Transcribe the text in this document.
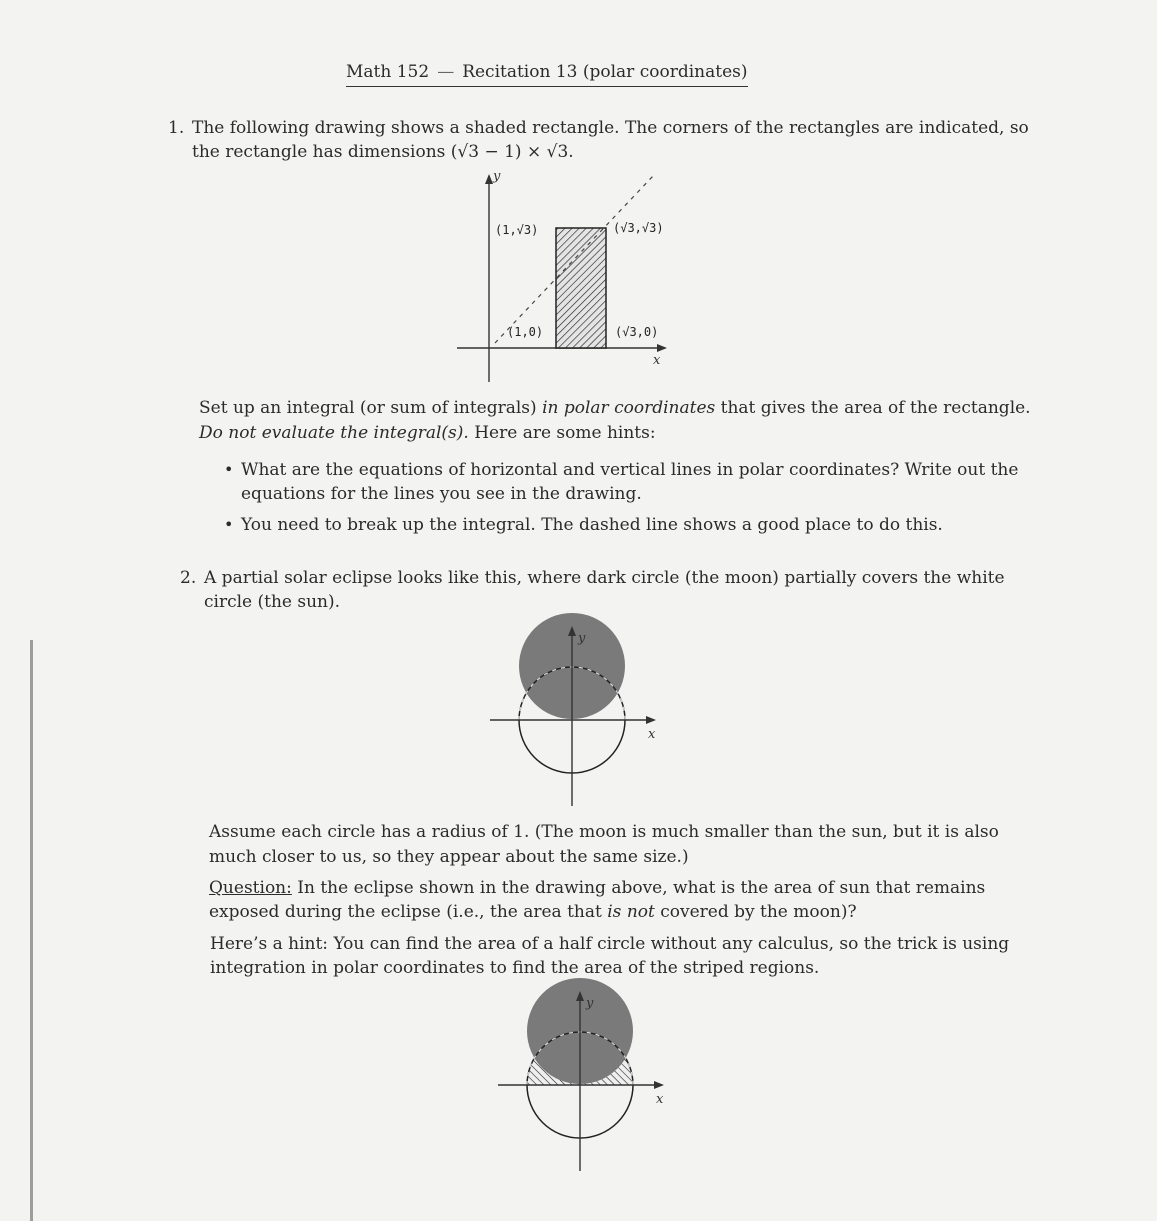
Math 152 — Recitation 13 (polar coordinates)
1. The following drawing shows a shaded rectangle. The corners of the rectangles are indicated, so
the rectangle has dimensions (√3 − 1) × √3.
y
x
(1,√3)	(√3,√3)
(1,0)	(√3,0)
Set up an integral (or sum of integrals) in polar coordinates that gives the area of the rectangle.
Do not evaluate the integral(s). Here are some hints:
• What are the equations of horizontal and vertical lines in polar coordinates? Write out the
equations for the lines you see in the drawing.
• You need to break up the integral. The dashed line shows a good place to do this.
2. A partial solar eclipse looks like this, where dark circle (the moon) partially covers the white
circle (the sun).
y
x
Assume each circle has a radius of 1. (The moon is much smaller than the sun, but it is also
much closer to us, so they appear about the same size.)
Question: In the eclipse shown in the drawing above, what is the area of sun that remains
exposed during the eclipse (i.e., the area that is not covered by the moon)?
Here’s a hint: You can find the area of a half circle without any calculus, so the trick is using
integration in polar coordinates to find the area of the striped regions.
y
x
